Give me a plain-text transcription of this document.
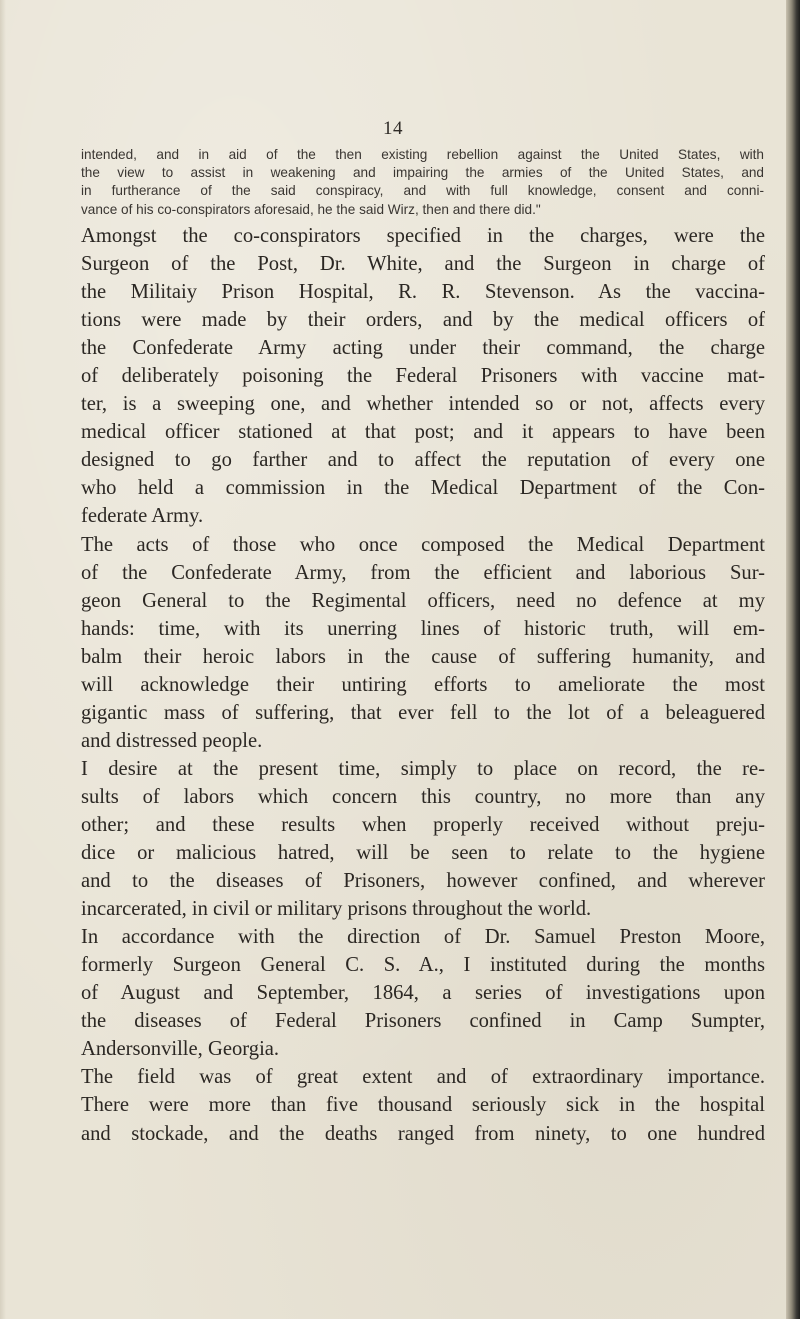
14
intended, and in aid of the then existing rebellion against the United States, with
the view to assist in weakening and impairing the armies of the United States, and
in furtherance of the said conspiracy, and with full knowledge, consent and conni-
vance of his co-conspirators aforesaid, he the said Wirz, then and there did."
Amongst the co-conspirators specified in the charges, were the
Surgeon of the Post, Dr. White, and the Surgeon in charge of
the Militaiy Prison Hospital, R. R. Stevenson. As the vaccina-
tions were made by their orders, and by the medical officers of
the Confederate Army acting under their command, the charge
of deliberately poisoning the Federal Prisoners with vaccine mat-
ter, is a sweeping one, and whether intended so or not, affects every
medical officer stationed at that post; and it appears to have been
designed to go farther and to affect the reputation of every one
who held a commission in the Medical Department of the Con-
federate Army.
The acts of those who once composed the Medical Department
of the Confederate Army, from the efficient and laborious Sur-
geon General to the Regimental officers, need no defence at my
hands: time, with its unerring lines of historic truth, will em-
balm their heroic labors in the cause of suffering humanity, and
will acknowledge their untiring efforts to ameliorate the most
gigantic mass of suffering, that ever fell to the lot of a beleaguered
and distressed people.
I desire at the present time, simply to place on record, the re-
sults of labors which concern this country, no more than any
other; and these results when properly received without preju-
dice or malicious hatred, will be seen to relate to the hygiene
and to the diseases of Prisoners, however confined, and wherever
incarcerated, in civil or military prisons throughout the world.
In accordance with the direction of Dr. Samuel Preston Moore,
formerly Surgeon General C. S. A., I instituted during the months
of August and September, 1864, a series of investigations upon
the diseases of Federal Prisoners confined in Camp Sumpter,
Andersonville, Georgia.
The field was of great extent and of extraordinary importance.
There were more than five thousand seriously sick in the hospital
and stockade, and the deaths ranged from ninety, to one hundred
